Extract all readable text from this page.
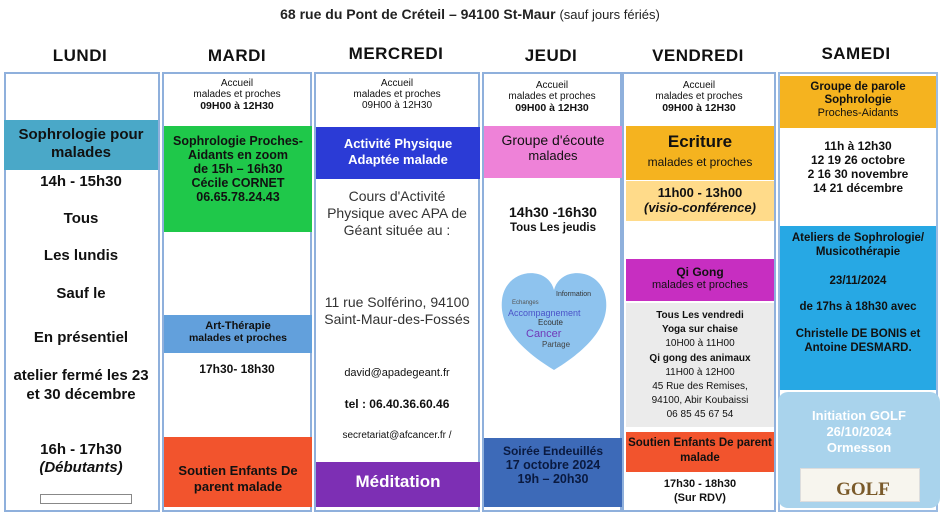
68 rue du Pont de Créteil – 94100 St-Maur (sauf jours fériés)
LUNDI	MARDI	MERCREDI	JEUDI	VENDREDI	SAMEDI
Sophrologie pour malades
14h - 15h30
Tous
Les lundis
Sauf le
En présentiel
atelier fermé les 23 et 30 décembre
16h - 17h30
(Débutants)
Accueil
malades et proches
09H00 à 12H30
Sophrologie Proches-Aidants en zoom
de 15h – 16h30
Cécile CORNET
06.65.78.24.43
Art-Thérapie
malades et proches
17h30- 18h30
Soutien Enfants De parent malade
Accueil
malades et proches
09H00 à 12H30
Activité Physique Adaptée malade
Cours d'Activité Physique avec APA de Géant située au :
11 rue Solférino, 94100 Saint-Maur-des-Fossés
david@apadegeant.fr
tel : 06.40.36.60.46
secretariat@afcancer.fr /
Méditation
Accueil
malades et proches
09H00 à 12H30
Groupe d'écoute
malades
14h30 -16h30
Tous Les jeudis
Information
Echanges
Accompagnement
Ecoute
Cancer
Partage
Soirée Endeuillés
17 octobre 2024
19h – 20h30
Accueil
malades et proches
09H00 à 12H30
Ecriture
malades et proches
11h00 - 13h00
(visio-conférence)
Qi Gong
malades et proches
Tous Les vendredi
Yoga sur chaise
10H00 à 11H00
Qi gong des animaux
11H00 à 12H00
45 Rue des Remises,
94100, Abir Koubaissi
06 85 45 67 54
Soutien Enfants De parent malade
17h30 - 18h30
(Sur RDV)
Groupe de parole Sophrologie
Proches-Aidants
11h à 12h30
12 19 26 octobre
2 16 30 novembre
14 21 décembre
Ateliers de Sophrologie/ Musicothérapie
23/11/2024
de 17hs à 18h30 avec
Christelle DE BONIS et Antoine DESMARD.
Initiation GOLF
26/10/2024
Ormesson
GOLF
